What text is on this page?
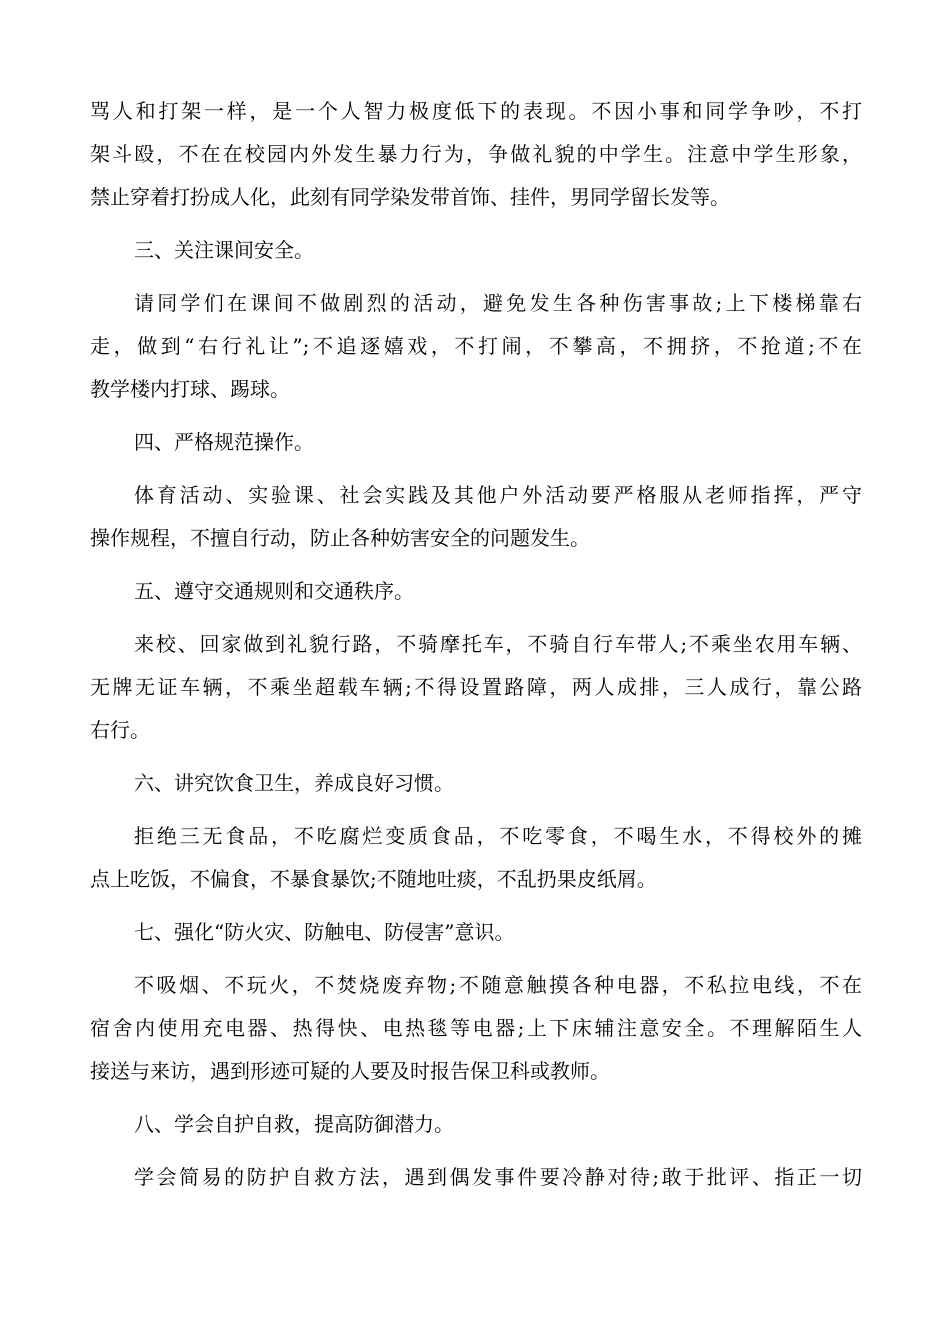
骂人和打架一样，是一个人智力极度低下的表现。不因小事和同学争吵，不打
架斗殴，不在在校园内外发生暴力行为，争做礼貌的中学生。注意中学生形象，
禁止穿着打扮成人化，此刻有同学染发带首饰、挂件，男同学留长发等。
三、关注课间安全。
请同学们在课间不做剧烈的活动，避免发生各种伤害事故;上下楼梯靠右
走，做到“右行礼让”;不追逐嬉戏，不打闹，不攀高，不拥挤，不抢道;不在
教学楼内打球、踢球。
四、严格规范操作。
体育活动、实验课、社会实践及其他户外活动要严格服从老师指挥，严守
操作规程，不擅自行动，防止各种妨害安全的问题发生。
五、遵守交通规则和交通秩序。
来校、回家做到礼貌行路，不骑摩托车，不骑自行车带人;不乘坐农用车辆、
无牌无证车辆，不乘坐超载车辆;不得设置路障，两人成排，三人成行，靠公路
右行。
六、讲究饮食卫生，养成良好习惯。
拒绝三无食品，不吃腐烂变质食品，不吃零食，不喝生水，不得校外的摊
点上吃饭，不偏食，不暴食暴饮;不随地吐痰，不乱扔果皮纸屑。
七、强化“防火灾、防触电、防侵害”意识。
不吸烟、不玩火，不焚烧废弃物;不随意触摸各种电器，不私拉电线，不在
宿舍内使用充电器、热得快、电热毯等电器;上下床辅注意安全。不理解陌生人
接送与来访，遇到形迹可疑的人要及时报告保卫科或教师。
八、学会自护自救，提高防御潜力。
学会简易的防护自救方法，遇到偶发事件要冷静对待;敢于批评、指正一切
